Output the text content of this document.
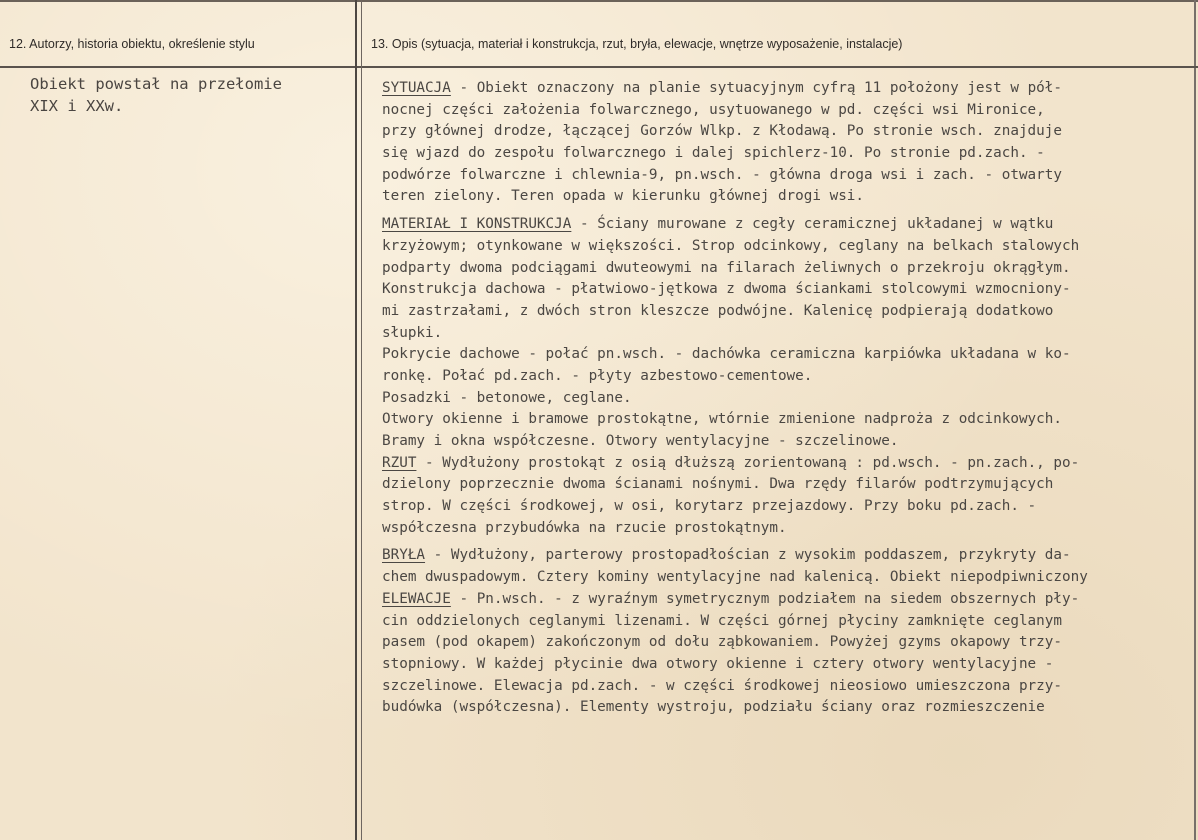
12. Autorzy, historia obiektu, określenie stylu	13. Opis (sytuacja, materiał i konstrukcja, rzut, bryła, elewacje, wnętrze wyposażenie, instalacje)
Obiekt powstał na przełomie
XIX i XXw.
SYTUACJA - Obiekt oznaczony na planie sytuacyjnym cyfrą 11 położony jest w pół-
nocnej części założenia folwarcznego, usytuowanego w pd. części wsi Mironice,
przy głównej drodze, łączącej Gorzów Wlkp. z Kłodawą. Po stronie wsch. znajduje
się wjazd do zespołu folwarcznego i dalej spichlerz-10. Po stronie pd.zach. -
podwórze folwarczne i chlewnia-9, pn.wsch. - główna droga wsi i zach. - otwarty
teren zielony. Teren opada w kierunku głównej drogi wsi.
MATERIAŁ I KONSTRUKCJA - Ściany murowane z cegły ceramicznej układanej w wątku
krzyżowym; otynkowane w większości. Strop odcinkowy, ceglany na belkach stalowych
podparty dwoma podciągami dwuteowymi na filarach żeliwnych o przekroju okrągłym.
Konstrukcja dachowa - płatwiowo-jętkowa z dwoma ściankami stolcowymi wzmocniony-
mi zastrzałami, z dwóch stron kleszcze podwójne. Kalenicę podpierają dodatkowo
słupki.
Pokrycie dachowe - połać pn.wsch. - dachówka ceramiczna karpiówka układana w ko-
ronkę. Połać pd.zach. - płyty azbestowo-cementowe.
Posadzki - betonowe, ceglane.
Otwory okienne i bramowe prostokątne, wtórnie zmienione nadproża z odcinkowych.
Bramy i okna współczesne. Otwory wentylacyjne - szczelinowe.
RZUT - Wydłużony prostokąt z osią dłuższą zorientowaną : pd.wsch. - pn.zach., po-
dzielony poprzecznie dwoma ścianami nośnymi. Dwa rzędy filarów podtrzymujących
strop. W części środkowej, w osi, korytarz przejazdowy. Przy boku pd.zach. -
współczesna przybudówka na rzucie prostokątnym.
BRYŁA - Wydłużony, parterowy prostopadłościan z wysokim poddaszem, przykryty da-
chem dwuspadowym. Cztery kominy wentylacyjne nad kalenicą. Obiekt niepodpiwniczony
ELEWACJE - Pn.wsch. - z wyraźnym symetrycznym podziałem na siedem obszernych pły-
cin oddzielonych ceglanymi lizenami. W części górnej płyciny zamknięte ceglanym
pasem (pod okapem) zakończonym od dołu ząbkowaniem. Powyżej gzyms okapowy trzy-
stopniowy. W każdej płycinie dwa otwory okienne i cztery otwory wentylacyjne -
szczelinowe. Elewacja pd.zach. - w części środkowej nieosiowo umieszczona przy-
budówka (współczesna). Elementy wystroju, podziału ściany oraz rozmieszczenie
